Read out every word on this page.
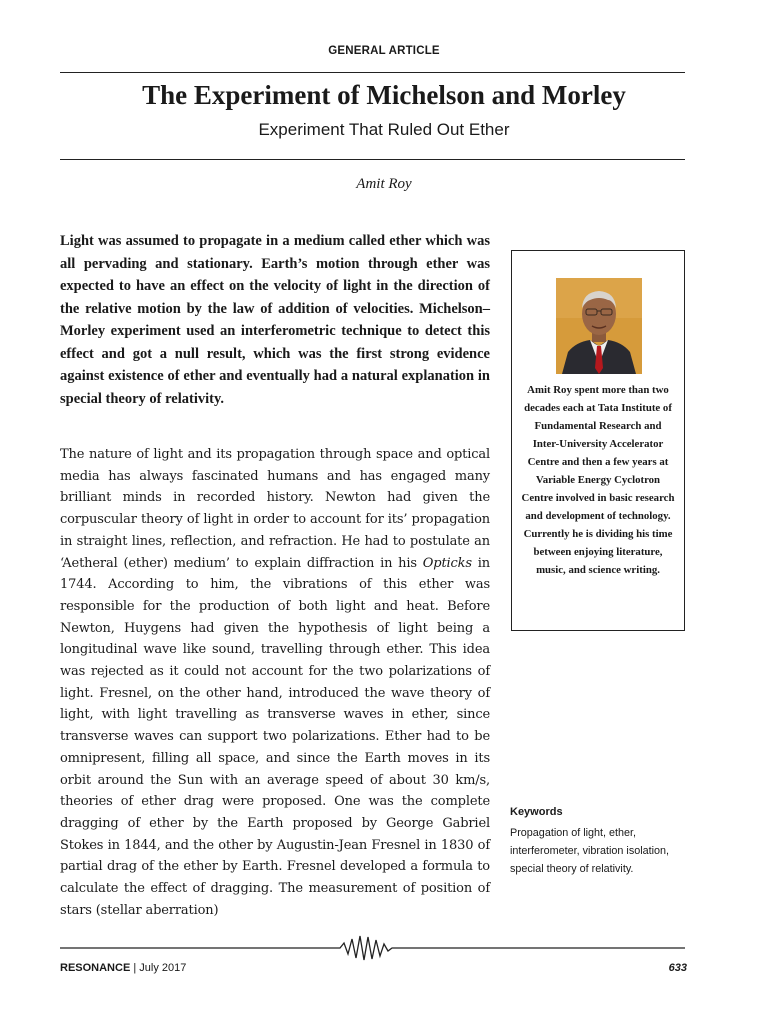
GENERAL ARTICLE
The Experiment of Michelson and Morley
Experiment That Ruled Out Ether
Amit Roy

Light was assumed to propagate in a medium called ether which was all pervading and stationary. Earth’s motion through ether was expected to have an effect on the velocity of light in the direction of the relative motion by the law of addition of velocities. Michelson–Morley experiment used an interferometric technique to detect this effect and got a null result, which was the first strong evidence against existence of ether and eventually had a natural explanation in special theory of relativity.

The nature of light and its propagation through space and optical media has always fascinated humans and has engaged many brilliant minds in recorded history. Newton had given the corpuscular theory of light in order to account for its’ propagation in straight lines, reflection, and refraction. He had to postulate an ‘Aetheral (ether) medium’ to explain diffraction in his Opticks in 1744. According to him, the vibrations of this ether was responsible for the production of both light and heat. Before Newton, Huygens had given the hypothesis of light being a longitudinal wave like sound, travelling through ether. This idea was rejected as it could not account for the two polarizations of light. Fresnel, on the other hand, introduced the wave theory of light, with light travelling as transverse waves in ether, since transverse waves can support two polarizations. Ether had to be omnipresent, filling all space, and since the Earth moves in its orbit around the Sun with an average speed of about 30 km/s, theories of ether drag were proposed. One was the complete dragging of ether by the Earth proposed by George Gabriel Stokes in 1844, and the other by Augustin-Jean Fresnel in 1830 of partial drag of the ether by Earth. Fresnel developed a formula to calculate the effect of dragging. The measurement of position of stars (stellar aberration)

Amit Roy spent more than two decades each at Tata Institute of Fundamental Research and Inter-University Accelerator Centre and then a few years at Variable Energy Cyclotron Centre involved in basic research and development of technology. Currently he is dividing his time between enjoying literature, music, and science writing.

Keywords

Propagation of light, ether, interferometer, vibration isolation, special theory of relativity.

RESONANCE | July 2017	633
